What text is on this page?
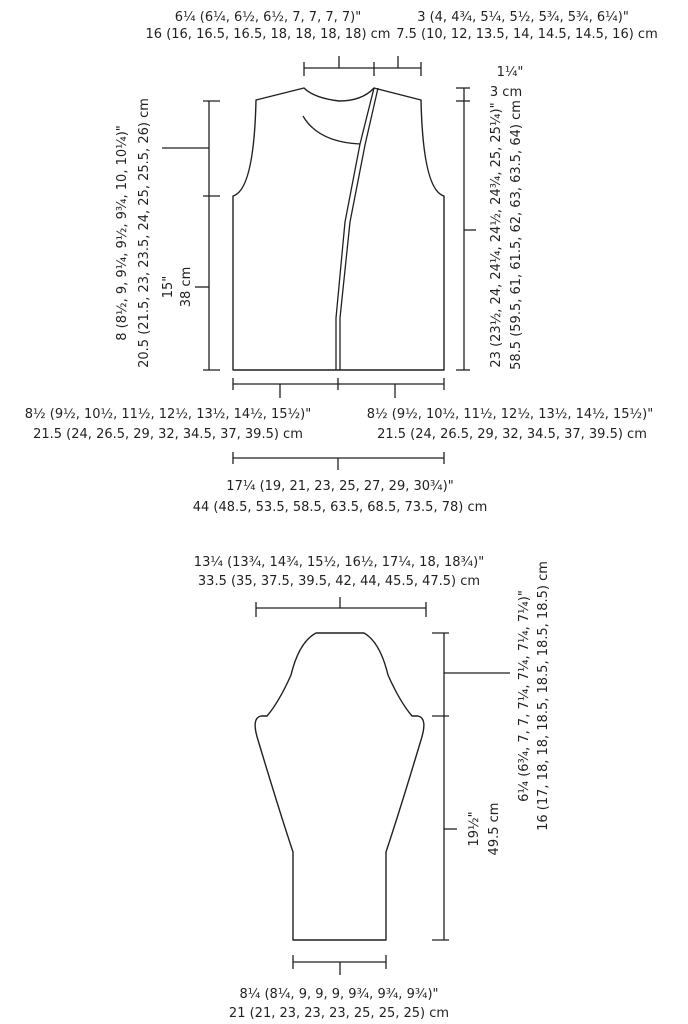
6¼ (6¼, 6½, 6½, 7, 7, 7, 7)"
16 (16, 16.5, 16.5, 18, 18, 18, 18) cm
3 (4, 4¾, 5¼, 5½, 5¾, 5¾, 6¼)"
7.5 (10, 12, 13.5, 14, 14.5, 14.5, 16) cm
1¼"
3 cm
8 (8½, 9, 9¼, 9½, 9¾, 10, 10¼)" 20.5 (21.5, 23, 23.5, 24, 25, 25.5, 26) cm 15" 38 cm	23 (23½, 24, 24¼, 24½, 24¾, 25, 25¼)" 58.5 (59.5, 61, 61.5, 62, 63, 63.5, 64) cm
8½ (9½, 10½, 11½, 12½, 13½, 14½, 15½)"
21.5 (24, 26.5, 29, 32, 34.5, 37, 39.5) cm
8½ (9½, 10½, 11½, 12½, 13½, 14½, 15½)"
21.5 (24, 26.5, 29, 32, 34.5, 37, 39.5) cm
17¼ (19, 21, 23, 25, 27, 29, 30¾)"
44 (48.5, 53.5, 58.5, 63.5, 68.5, 73.5, 78) cm
13¼ (13¾, 14¾, 15½, 16½, 17¼, 18, 18¾)"
33.5 (35, 37.5, 39.5, 42, 44, 45.5, 47.5) cm
19½" 49.5 cm
6¼ (6¾, 7, 7, 7¼, 7¼, 7¼, 7¼)" 16 (17, 18, 18, 18.5, 18.5, 18.5, 18.5) cm
8¼ (8¼, 9, 9, 9, 9¾, 9¾, 9¾)"
21 (21, 23, 23, 23, 25, 25, 25) cm
